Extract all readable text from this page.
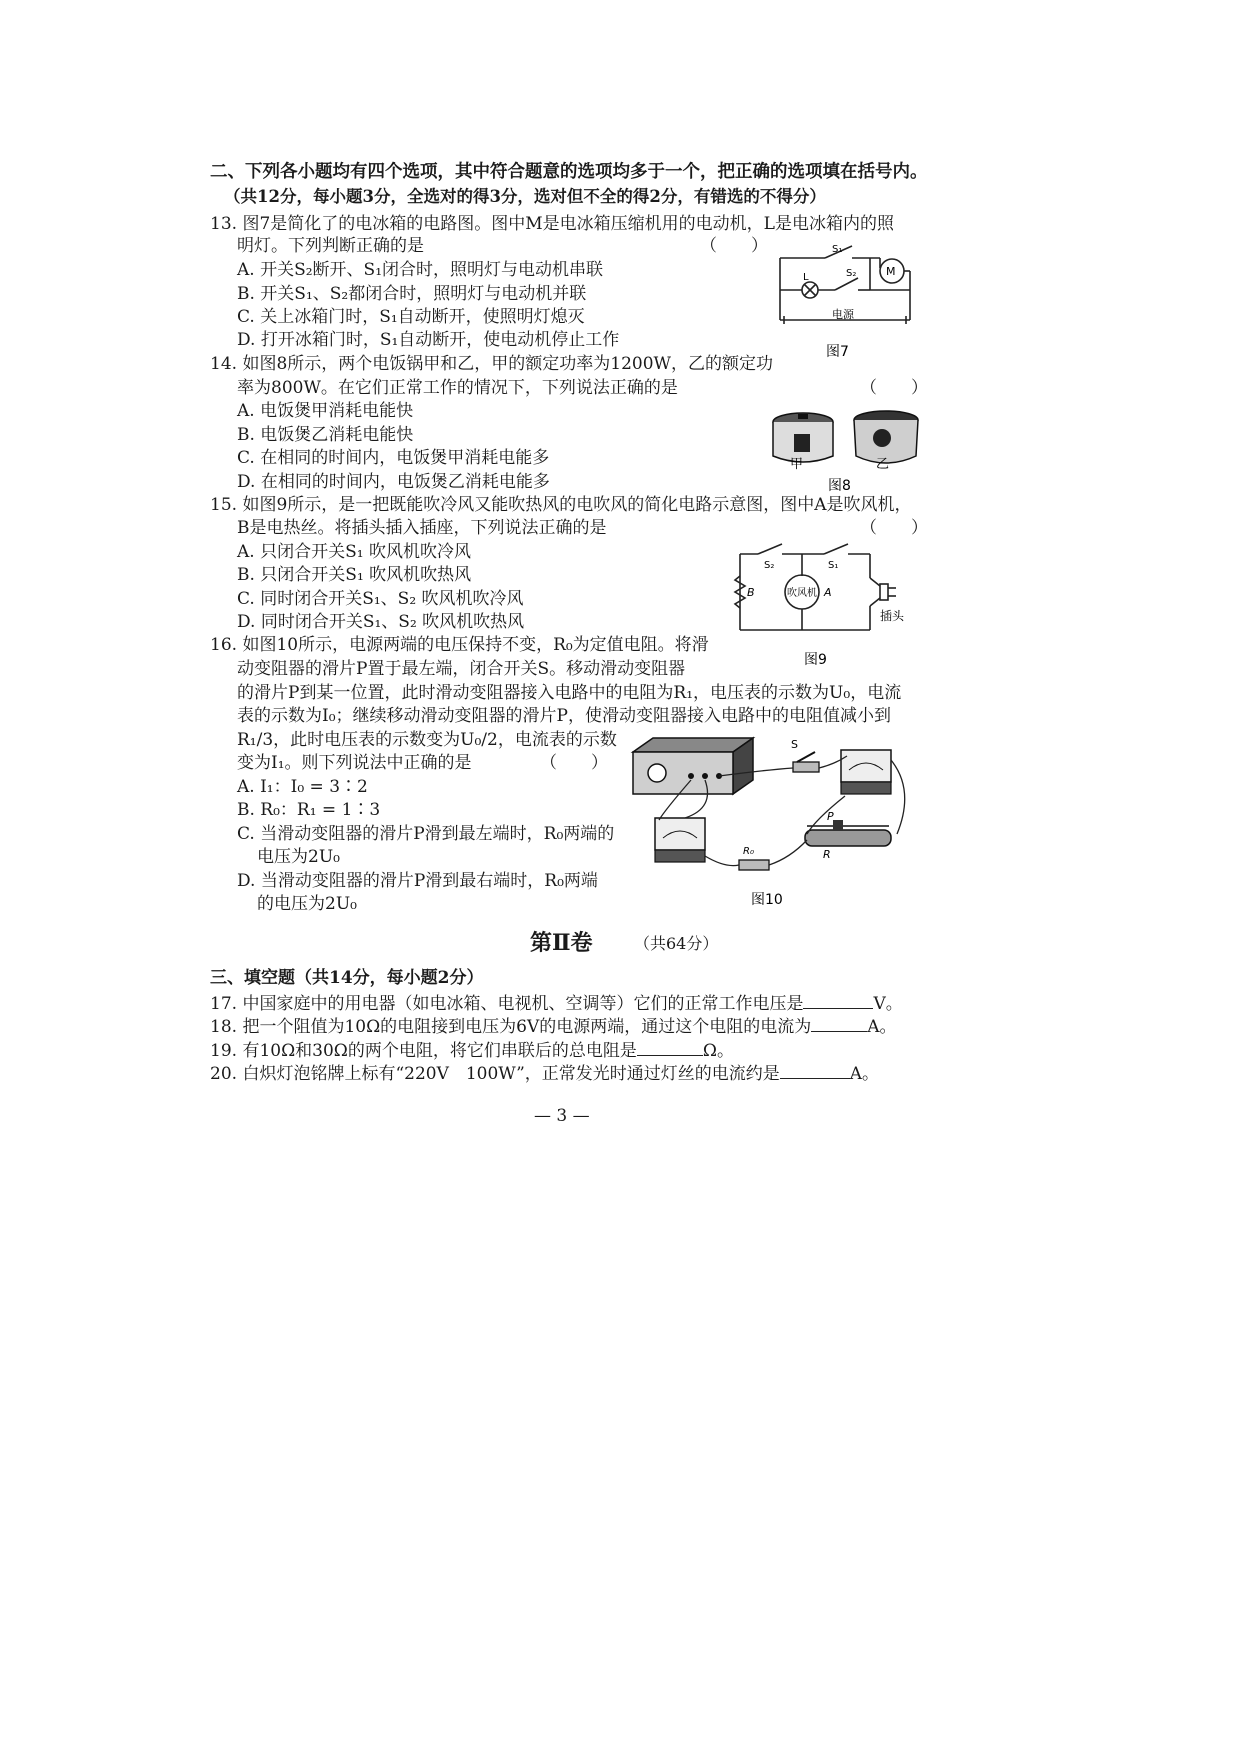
二、下列各小题均有四个选项，其中符合题意的选项均多于一个，把正确的选项填在括号内。
（共12分，每小题3分，全选对的得3分，选对但不全的得2分，有错选的不得分）
13. 图7是简化了的电冰箱的电路图。图中M是电冰箱压缩机用的电动机，L是电冰箱内的照
明灯。下列判断正确的是	（　　）
A. 开关S₂断开、S₁闭合时，照明灯与电动机串联
B. 开关S₁、S₂都闭合时，照明灯与电动机并联
C. 关上冰箱门时，S₁自动断开，使照明灯熄灭
D. 打开冰箱门时，S₁自动断开，使电动机停止工作
S₁
S₂
L	M
电源
图7
14. 如图8所示，两个电饭锅甲和乙，甲的额定功率为1200W，乙的额定功
率为800W。在它们正常工作的情况下，下列说法正确的是	（　　）
A. 电饭煲甲消耗电能快
B. 电饭煲乙消耗电能快
C. 在相同的时间内，电饭煲甲消耗电能多
D. 在相同的时间内，电饭煲乙消耗电能多
甲	乙
图8
15. 如图9所示，是一把既能吹冷风又能吹热风的电吹风的简化电路示意图，图中A是吹风机，
B是电热丝。将插头插入插座，下列说法正确的是	（　　）
A. 只闭合开关S₁ 吹风机吹冷风
B. 只闭合开关S₁ 吹风机吹热风
C. 同时闭合开关S₁、S₂ 吹风机吹冷风
D. 同时闭合开关S₁、S₂ 吹风机吹热风
S₂	S₁
B	吹风机 A
插头
图9
16. 如图10所示，电源两端的电压保持不变，R₀为定值电阻。将滑
动变阻器的滑片P置于最左端，闭合开关S。移动滑动变阻器
的滑片P到某一位置，此时滑动变阻器接入电路中的电阻为R₁，电压表的示数为U₀，电流
表的示数为I₀；继续移动滑动变阻器的滑片P，使滑动变阻器接入电路中的电阻值减小到
R₁/3，此时电压表的示数变为U₀/2，电流表的示数
变为I₁。则下列说法中正确的是	（　　）
A. I₁：I₀ = 3∶2
B. R₀：R₁ = 1∶3
C. 当滑动变阻器的滑片P滑到最左端时，R₀两端的
电压为2U₀
D. 当滑动变阻器的滑片P滑到最右端时，R₀两端
的电压为2U₀
S
P
R
R₀
图10
第Ⅱ卷	（共64分）
三、填空题（共14分，每小题2分）
17. 中国家庭中的用电器（如电冰箱、电视机、空调等）它们的正常工作电压是	V。
18. 把一个阻值为10Ω的电阻接到电压为6V的电源两端，通过这个电阻的电流为	A。
19. 有10Ω和30Ω的两个电阻，将它们串联后的总电阻是	Ω。
20. 白炽灯泡铭牌上标有“220V　100W”，正常发光时通过灯丝的电流约是	A。
— 3 —
